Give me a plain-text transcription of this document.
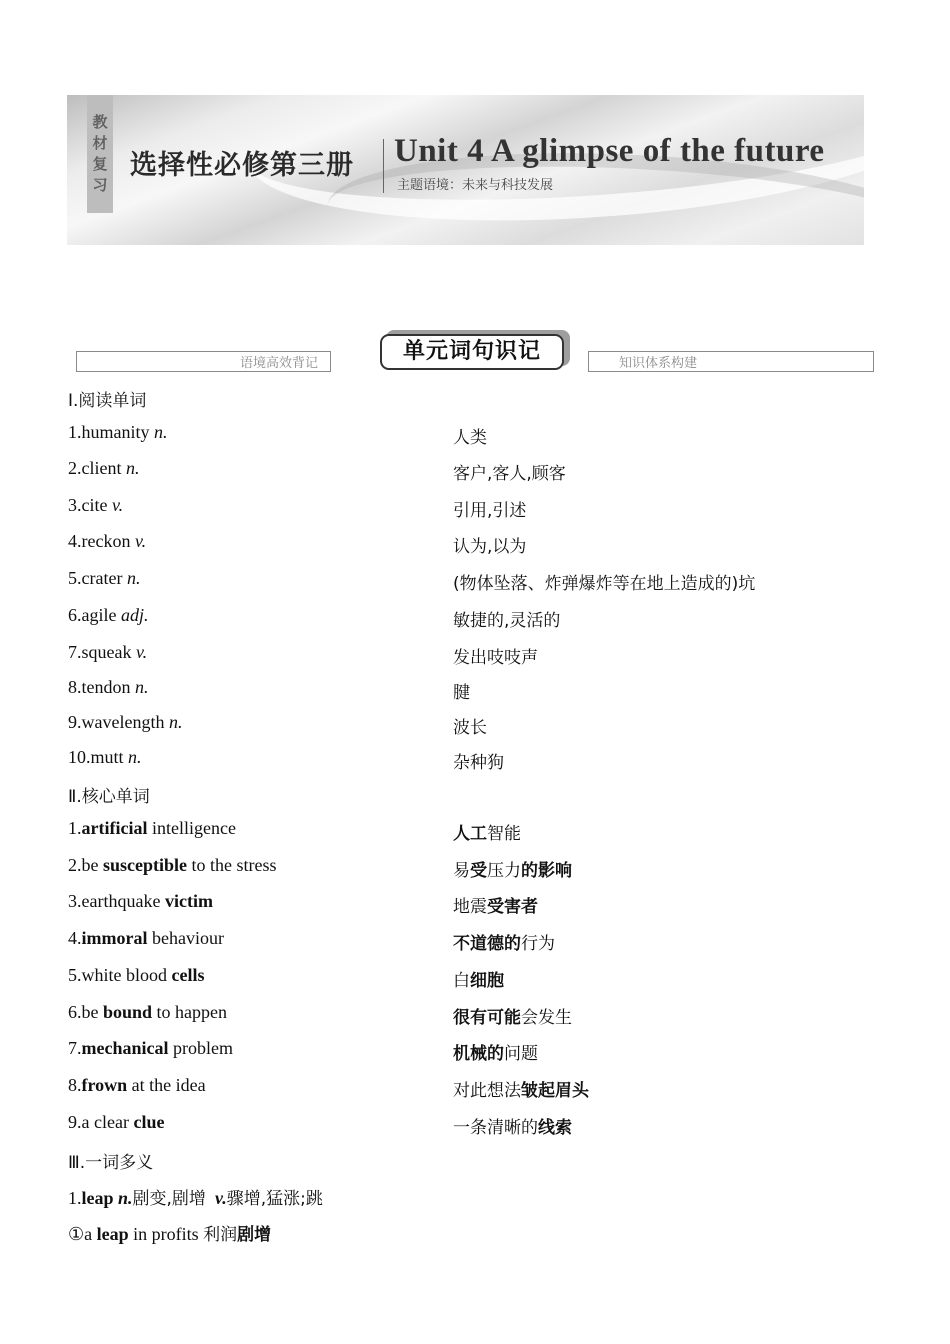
教
材
复
习
选择性必修第三册 Unit 4 A glimpse of the future
主题语境：未来与科技发展
语境高效背记	知识体系构建
单元词句识记
Ⅰ.阅读单词
1.humanity n.	人类
2.client n.	客户,客人,顾客
3.cite v.	引用,引述
4.reckon v.	认为,以为
5.crater n.	(物体坠落、炸弹爆炸等在地上造成的)坑
6.agile adj.	敏捷的,灵活的
7.squeak v.	发出吱吱声
8.tendon n.	腱
9.wavelength n.	波长
10.mutt n.	杂种狗
Ⅱ.核心单词
1.artificial intelligence	人工智能
2.be susceptible to the stress	易受压力的影响
3.earthquake victim	地震受害者
4.immoral behaviour	不道德的行为
5.white blood cells	白细胞
6.be bound to happen	很有可能会发生
7.mechanical problem	机械的问题
8.frown at the idea	对此想法皱起眉头
9.a clear clue	一条清晰的线索
Ⅲ.一词多义
1.leap n.剧变,剧增 v.骤增,猛涨;跳
①a leap in profits 利润剧增
